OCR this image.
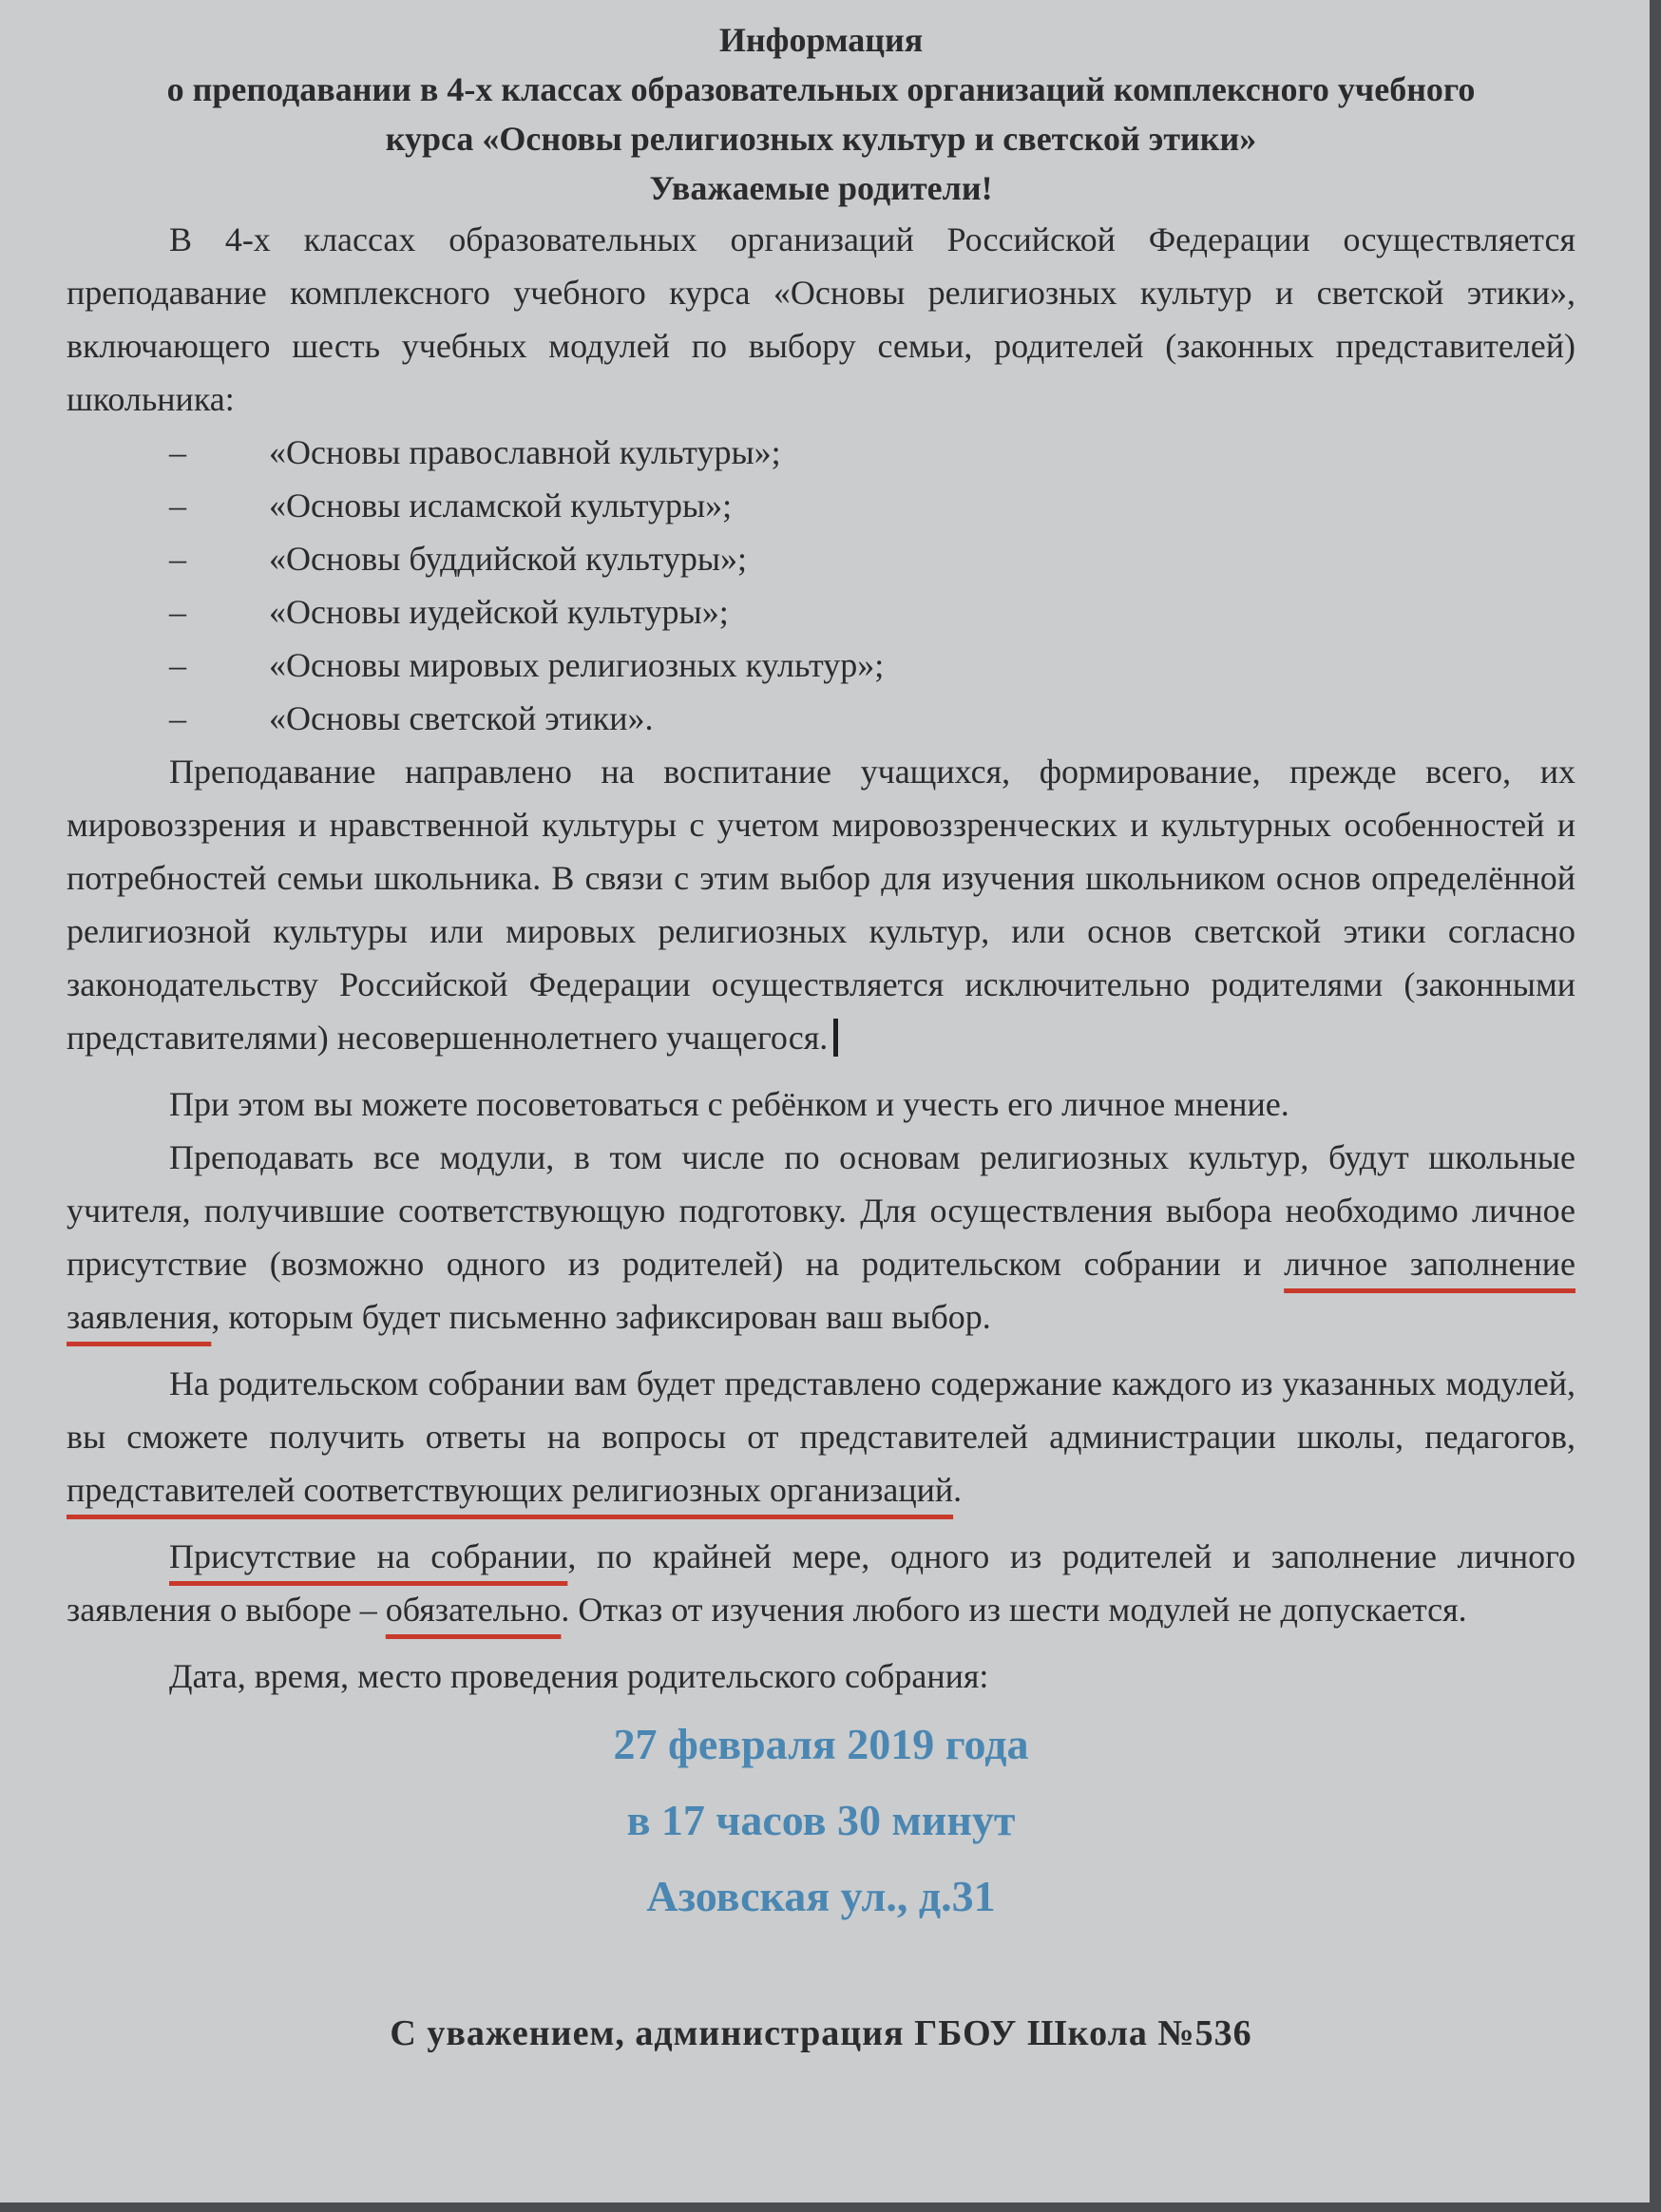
Информация

о преподавании в 4-х классах образовательных организаций комплексного учебного

курса «Основы религиозных культур и светской этики»

Уважаемые родители!

В 4-х классах образовательных организаций Российской Федерации осуществляется преподавание комплексного учебного курса «Основы религиозных культур и светской этики», включающего шесть учебных модулей по выбору семьи, родителей (законных представителей) школьника:

– «Основы православной культуры»;
– «Основы исламской культуры»;
– «Основы буддийской культуры»;
– «Основы иудейской культуры»;
– «Основы мировых религиозных культур»;
– «Основы светской этики».

Преподавание направлено на воспитание учащихся, формирование, прежде всего, их мировоззрения и нравственной культуры с учетом мировоззренческих и культурных особенностей и потребностей семьи школьника. В связи с этим выбор для изучения школьником основ определённой религиозной культуры или мировых религиозных культур, или основ светской этики согласно законодательству Российской Федерации осуществляется исключительно родителями (законными представителями) несовершеннолетнего учащегося.

При этом вы можете посоветоваться с ребёнком и учесть его личное мнение.

Преподавать все модули, в том числе по основам религиозных культур, будут школьные учителя, получившие соответствующую подготовку. Для осуществления выбора необходимо личное присутствие (возможно одного из родителей) на родительском собрании и личное заполнение заявления, которым будет письменно зафиксирован ваш выбор.

На родительском собрании вам будет представлено содержание каждого из указанных модулей, вы сможете получить ответы на вопросы от представителей администрации школы, педагогов, представителей соответствующих религиозных организаций.

Присутствие на собрании, по крайней мере, одного из родителей и заполнение личного заявления о выборе – обязательно. Отказ от изучения любого из шести модулей не допускается.

Дата, время, место проведения родительского собрания:

27 февраля 2019 года

в 17 часов 30 минут

Азовская ул., д.31

С уважением, администрация ГБОУ Школа №536
